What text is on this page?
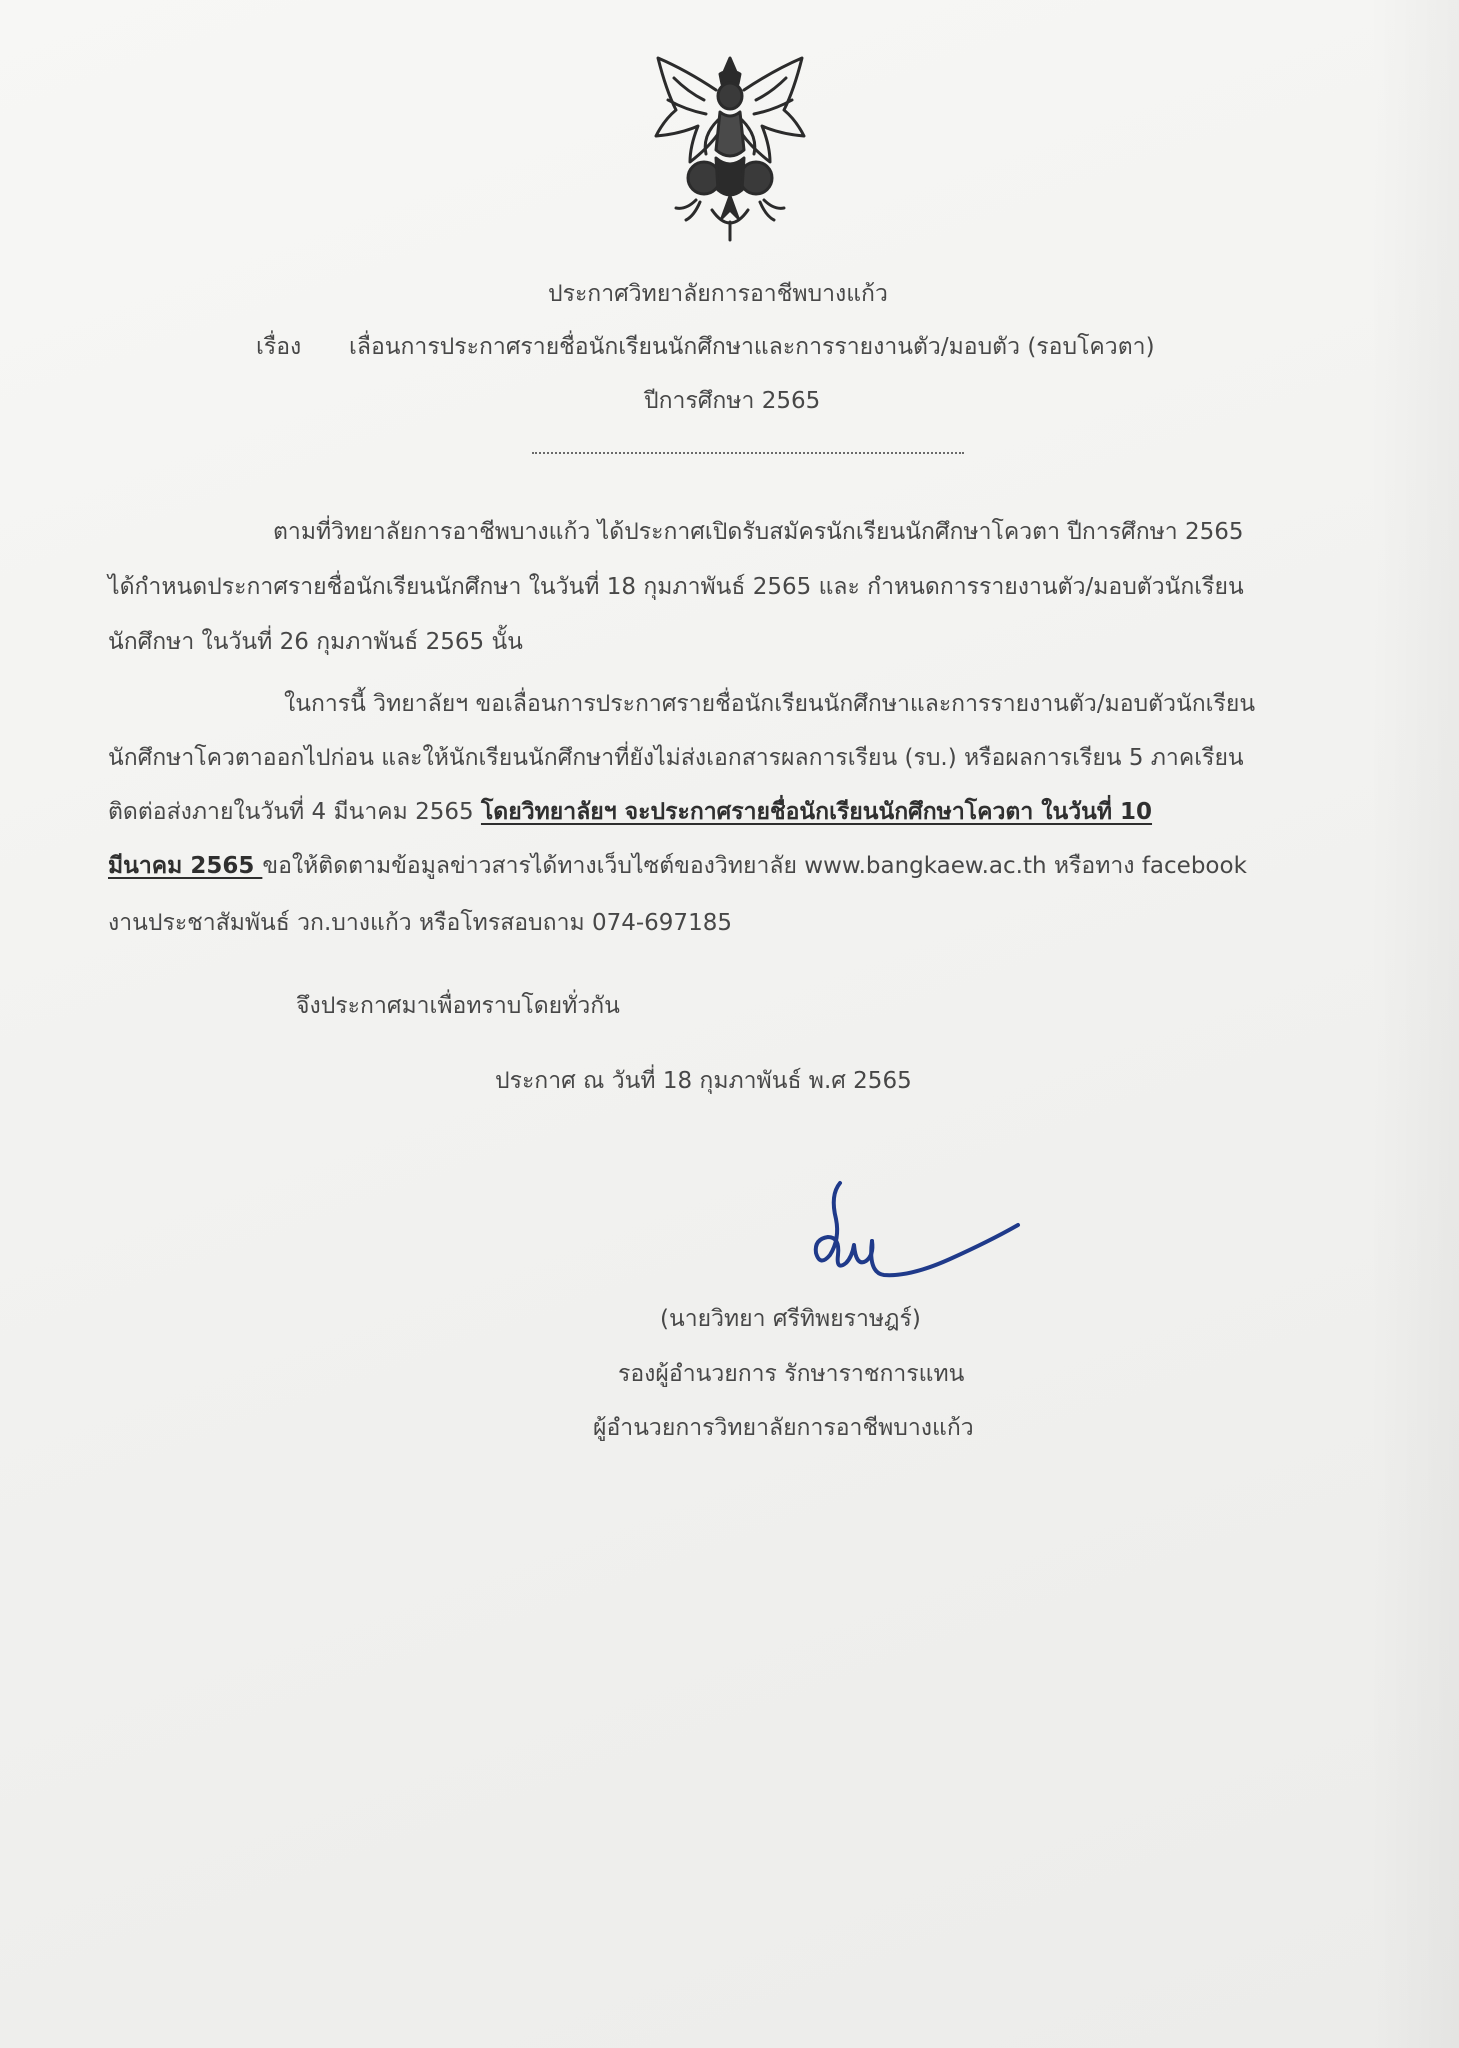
ประกาศวิทยาลัยการอาชีพบางแก้ว
เรื่อง เลื่อนการประกาศรายชื่อนักเรียนนักศึกษาและการรายงานตัว/มอบตัว (รอบโควตา)
ปีการศึกษา 2565
ตามที่วิทยาลัยการอาชีพบางแก้ว ได้ประกาศเปิดรับสมัครนักเรียนนักศึกษาโควตา ปีการศึกษา 2565
ได้กำหนดประกาศรายชื่อนักเรียนนักศึกษา ในวันที่ 18 กุมภาพันธ์ 2565 และ กำหนดการรายงานตัว/มอบตัวนักเรียน
นักศึกษา ในวันที่ 26 กุมภาพันธ์ 2565 นั้น
ในการนี้ วิทยาลัยฯ ขอเลื่อนการประกาศรายชื่อนักเรียนนักศึกษาและการรายงานตัว/มอบตัวนักเรียน
นักศึกษาโควตาออกไปก่อน และให้นักเรียนนักศึกษาที่ยังไม่ส่งเอกสารผลการเรียน (รบ.) หรือผลการเรียน 5 ภาคเรียน
ติดต่อส่งภายในวันที่ 4 มีนาคม 2565 โดยวิทยาลัยฯ จะประกาศรายชื่อนักเรียนนักศึกษาโควตา ในวันที่ 10
มีนาคม 2565 ขอให้ติดตามข้อมูลข่าวสารได้ทางเว็บไซต์ของวิทยาลัย www.bangkaew.ac.th หรือทาง facebook
งานประชาสัมพันธ์ วก.บางแก้ว หรือโทรสอบถาม 074-697185
จึงประกาศมาเพื่อทราบโดยทั่วกัน
ประกาศ ณ วันที่ 18 กุมภาพันธ์ พ.ศ 2565
(นายวิทยา ศรีทิพยราษฎร์)
รองผู้อำนวยการ รักษาราชการแทน
ผู้อำนวยการวิทยาลัยการอาชีพบางแก้ว
